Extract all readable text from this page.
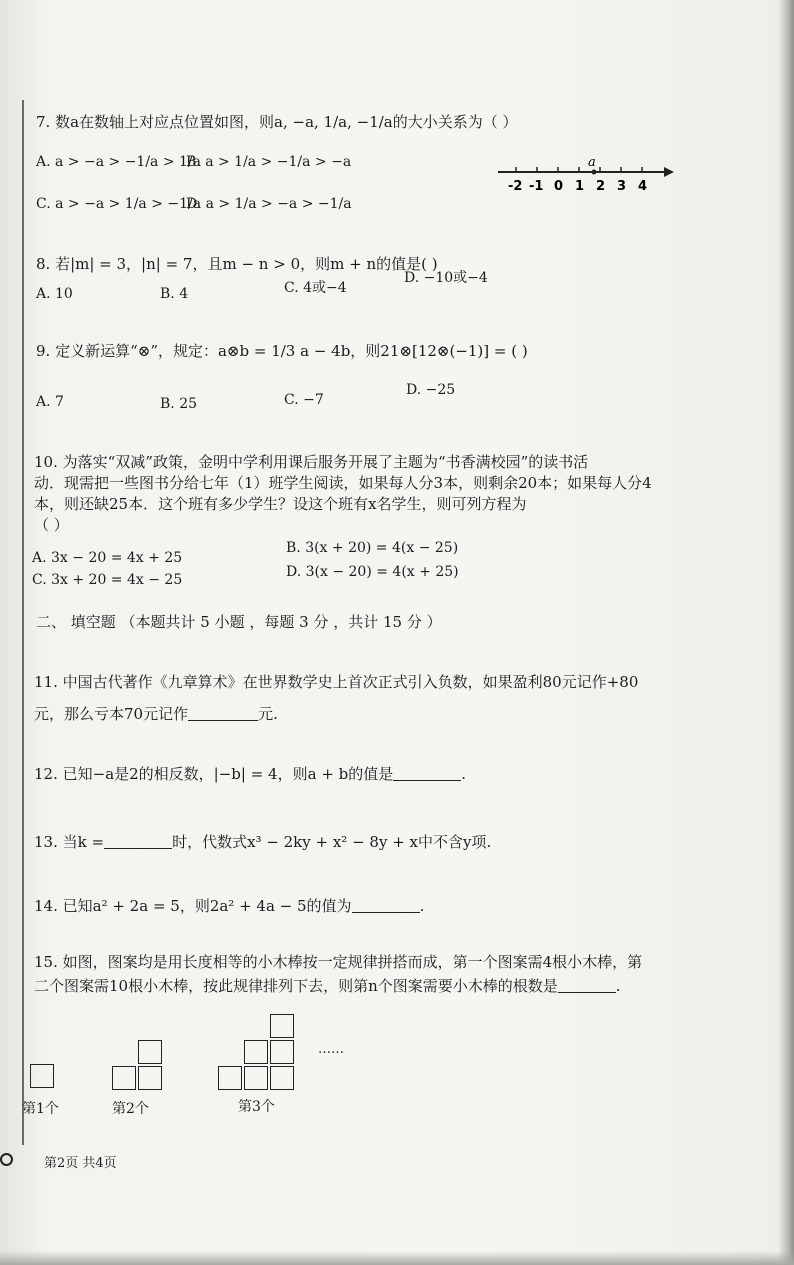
7. 数a在数轴上对应点位置如图，则a, −a, 1/a, −1/a的大小关系为（ ）
A. a > −a > −1/a > 1/a
B. a > 1/a > −1/a > −a
C. a > −a > 1/a > −1/a
D. a > 1/a > −a > −1/a
-2 -1 0 1 2 3 4
a
8. 若|m| = 3，|n| = 7，且m − n > 0，则m + n的值是( )
A. 10	B. 4	C. 4或−4
D. −10或−4
9. 定义新运算“⊗”，规定：a⊗b = 1/3 a − 4b，则21⊗[12⊗(−1)] = ( )
A. 7	B. 25	C. −7
D. −25
10. 为落实“双减”政策，金明中学利用课后服务开展了主题为“书香满校园”的读书活
动．现需把一些图书分给七年（1）班学生阅读，如果每人分3本，则剩余20本；如果每人分4
本，则还缺25本．这个班有多少学生？设这个班有x名学生，则可列方程为
（ ）
A. 3x − 20 = 4x + 25
B. 3(x + 20) = 4(x − 25)
C. 3x + 20 = 4x − 25	D. 3(x − 20) = 4(x + 25)
二、 填空题 （本题共计 5 小题 ，每题 3 分 ，共计 15 分 ）
11. 中国古代著作《九章算术》在世界数学史上首次正式引入负数，如果盈利80元记作+80
元，那么亏本70元记作	元.
12. 已知−a是2的相反数，|−b| = 4，则a + b的值是	.
13. 当k =	时，代数式x³ − 2ky + x² − 8y + x中不含y项.
14. 已知a² + 2a = 5，则2a² + 4a − 5的值为	.
15. 如图，图案均是用长度相等的小木棒按一定规律拼搭而成，第一个图案需4根小木棒，第
二个图案需10根小木棒，按此规律排列下去，则第n个图案需要小木棒的根数是	.
……
第1个	第2个	第3个
第2页 共4页
